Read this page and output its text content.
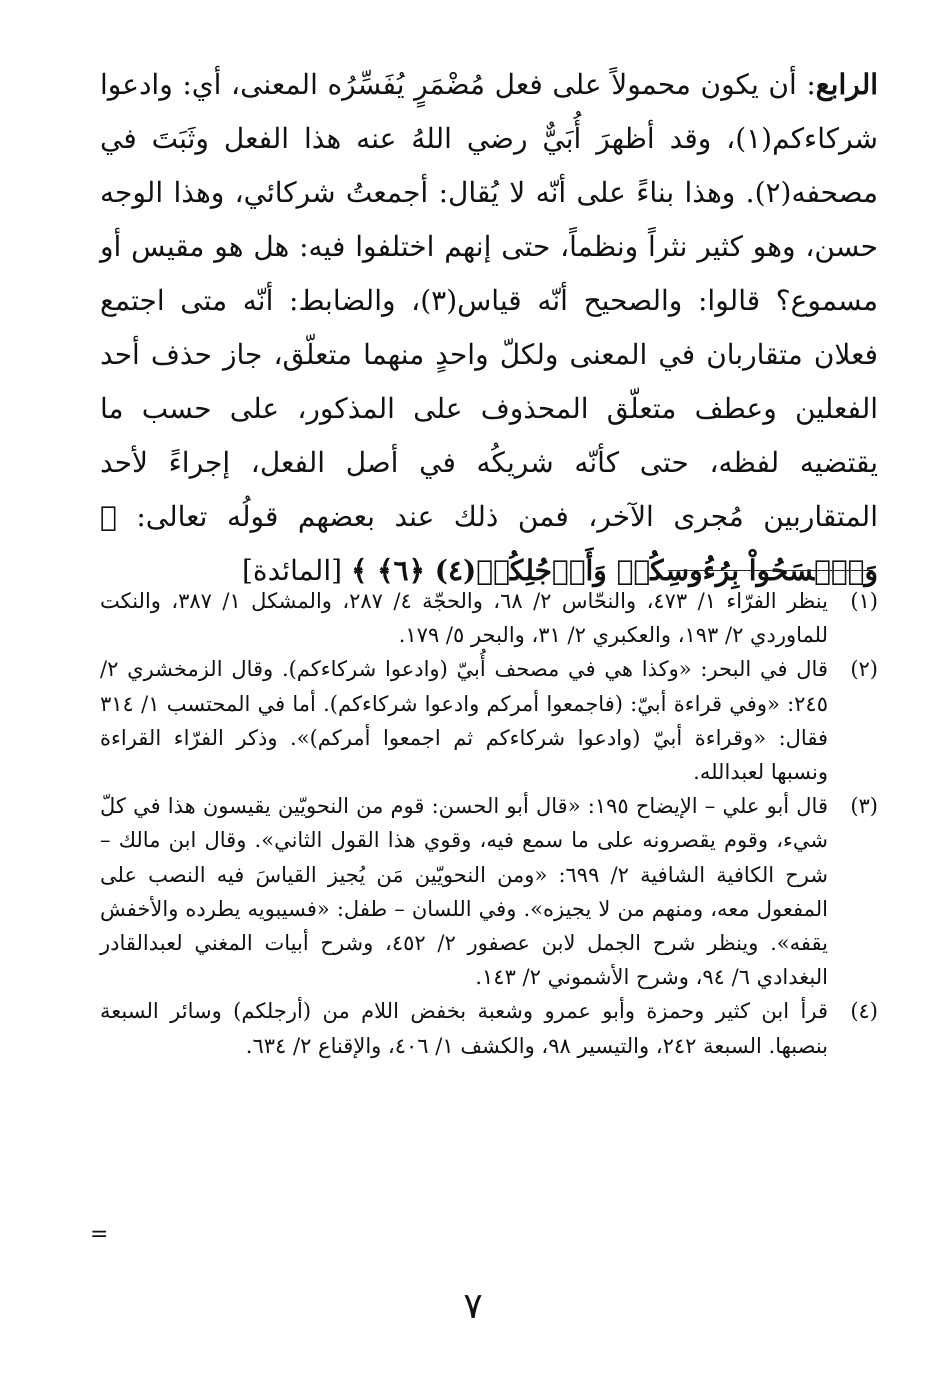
الرابع: أن يكون محمولاً على فعل مُضْمَرٍ يُفَسِّرُه المعنى، أي: وادعوا شركاءكم(١)، وقد أظهرَ أُبَيٌّ رضي اللهُ عنه هذا الفعل وثَبَتَ في مصحفه(٢). وهذا بناءً على أنّه لا يُقال: أجمعتُ شركائي، وهذا الوجه حسن، وهو كثير نثراً ونظماً، حتى إنهم اختلفوا فيه: هل هو مقيس أو مسموع؟ قالوا: والصحيح أنّه قياس(٣)، والضابط: أنّه متى اجتمع فعلان متقاربان في المعنى ولكلّ واحدٍ منهما متعلّق، جاز حذف أحد الفعلين وعطف متعلّق المحذوف على المذكور، على حسب ما يقتضيه لفظه، حتى كأنّه شريكُه في أصل الفعل، إجراءً لأحد المتقاربين مُجرى الآخر، فمن ذلك عند بعضهم قولُه تعالى: ﴿ وَٱمۡسَحُواْ بِرُءُوسِكُمۡ وَأَرۡجُلِكُمۡ(٤) ﴿٦﴾ ﴾ [المائدة]

(١)
ينظر الفرّاء ١/ ٤٧٣، والنحّاس ٢/ ٦٨، والحجّة ٤/ ٢٨٧، والمشكل ١/ ٣٨٧، والنكت للماوردي ٢/ ١٩٣، والعكبري ٢/ ٣١، والبحر ٥/ ١٧٩.
(٢)
قال في البحر: «وكذا هي في مصحف أُبيّ (وادعوا شركاءكم). وقال الزمخشري ٢/ ٢٤٥: «وفي قراءة أبيّ: (فاجمعوا أمركم وادعوا شركاءكم). أما في المحتسب ١/ ٣١٤ فقال: «وقراءة أبيّ (وادعوا شركاءكم ثم اجمعوا أمركم)». وذكر الفرّاء القراءة ونسبها لعبدالله.
(٣)
قال أبو علي – الإيضاح ١٩٥: «قال أبو الحسن: قوم من النحويّين يقيسون هذا في كلّ شيء، وقوم يقصرونه على ما سمع فيه، وقوي هذا القول الثاني». وقال ابن مالك – شرح الكافية الشافية ٢/ ٦٩٩: «ومن النحويّين مَن يُجيز القياسَ فيه النصب على المفعول معه، ومنهم من لا يجيزه». وفي اللسان – طفل: «فسيبويه يطرده والأخفش يقفه». وينظر شرح الجمل لابن عصفور ٢/ ٤٥٢، وشرح أبيات المغني لعبدالقادر البغدادي ٦/ ٩٤، وشرح الأشموني ٢/ ١٤٣.
(٤)
قرأ ابن كثير وحمزة وأبو عمرو وشعبة بخفض اللام من (أرجلكم) وسائر السبعة بنصبها. السبعة ٢٤٢، والتيسير ٩٨، والكشف ١/ ٤٠٦، والإقناع ٢/ ٦٣٤.
=
٧
